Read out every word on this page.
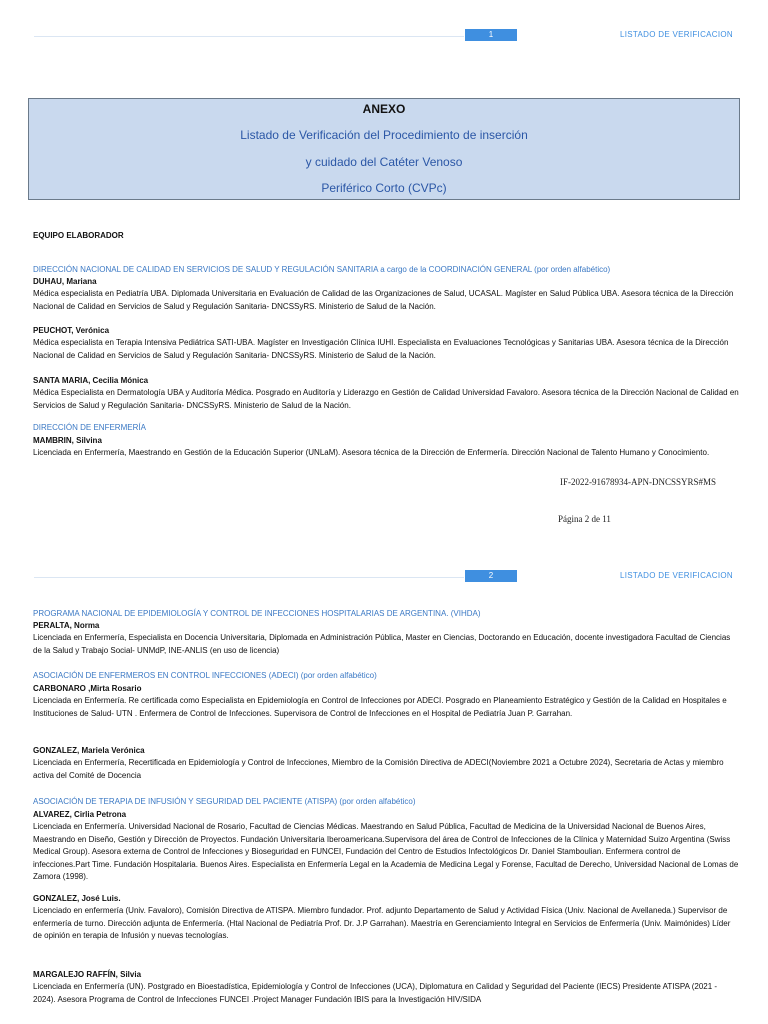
1	LISTADO DE VERIFICACION
ANEXO
Listado de Verificación del Procedimiento de inserción
y cuidado del Catéter Venoso
Periférico Corto (CVPc)
EQUIPO ELABORADOR
DIRECCIÓN NACIONAL DE CALIDAD EN SERVICIOS DE SALUD Y REGULACIÓN SANITARIA a cargo de la COORDINACIÓN GENERAL (por orden alfabético)
DUHAU, Mariana
Médica especialista en Pediatría UBA. Diplomada Universitaria en Evaluación de Calidad de las Organizaciones de Salud, UCASAL. Magíster en Salud Pública UBA. Asesora técnica de la Dirección Nacional de Calidad en Servicios de Salud y Regulación Sanitaria- DNCSSyRS. Ministerio de Salud de la Nación.
PEUCHOT, Verónica
Médica especialista en Terapia Intensiva Pediátrica SATI-UBA. Magíster en Investigación Clínica IUHI. Especialista en Evaluaciones Tecnológicas y Sanitarias UBA. Asesora técnica de la Dirección Nacional de Calidad en Servicios de Salud y Regulación Sanitaria- DNCSSyRS. Ministerio de Salud de la Nación.
SANTA MARIA, Cecilia Mónica
Médica Especialista en Dermatología UBA y Auditoría Médica. Posgrado en Auditoría y Liderazgo en Gestión de Calidad Universidad Favaloro. Asesora técnica de la Dirección Nacional de Calidad en Servicios de Salud y Regulación Sanitaria- DNCSSyRS. Ministerio de Salud de la Nación.
DIRECCIÓN DE ENFERMERÍA
MAMBRIN, Silvina
Licenciada en Enfermería, Maestrando en Gestión de la Educación Superior (UNLaM). Asesora técnica de la Dirección de Enfermería. Dirección Nacional de Talento Humano y Conocimiento.
IF-2022-91678934-APN-DNCSSYRS#MS
Página 2 de 11
2	LISTADO DE VERIFICACION
PROGRAMA NACIONAL DE EPIDEMIOLOGÍA Y CONTROL DE INFECCIONES HOSPITALARIAS DE ARGENTINA. (VIHDA)
PERALTA, Norma
Licenciada en Enfermería, Especialista en Docencia Universitaria, Diplomada en Administración Pública, Master en Ciencias, Doctorando en Educación, docente investigadora Facultad de Ciencias de la Salud y Trabajo Social- UNMdP, INE-ANLIS (en uso de licencia)
ASOCIACIÓN DE ENFERMEROS EN CONTROL INFECCIONES (ADECI) (por orden alfabético)
CARBONARO ,Mirta Rosario
Licenciada en Enfermería. Re certificada como Especialista en Epidemiología en Control de Infecciones por ADECI. Posgrado en Planeamiento Estratégico y Gestión de la Calidad en Hospitales e Instituciones de Salud- UTN . Enfermera de Control de Infecciones. Supervisora de Control de Infecciones en el Hospital de Pediatría Juan P. Garrahan.
GONZALEZ, Mariela Verónica
Licenciada en Enfermería, Recertificada en Epidemiología y Control de Infecciones, Miembro de la Comisión Directiva de ADECI(Noviembre 2021 a Octubre 2024), Secretaria de Actas y miembro activa del Comité de Docencia
ASOCIACIÓN DE TERAPIA DE INFUSIÓN Y SEGURIDAD DEL PACIENTE (ATISPA) (por orden alfabético)
ALVAREZ, Cirlia Petrona
Licenciada en Enfermería. Universidad Nacional de Rosario, Facultad de Ciencias Médicas. Maestrando en Salud Pública, Facultad de Medicina de la Universidad Nacional de Buenos Aires, Maestrando en Diseño, Gestión y Dirección de Proyectos. Fundación Universitaria Iberoamericana.Supervisora del área de Control de Infecciones de la Clínica y Maternidad Suizo Argentina (Swiss Medical Group). Asesora externa de Control de Infecciones y Bioseguridad en FUNCEI, Fundación del Centro de Estudios Infectológicos Dr. Daniel Stamboulian. Enfermera control de infecciones.Part Time. Fundación Hospitalaria. Buenos Aires. Especialista en Enfermería Legal en la Academia de Medicina Legal y Forense, Facultad de Derecho, Universidad Nacional de Lomas de Zamora (1998).
GONZALEZ, José Luis.
Licenciado en enfermería (Univ. Favaloro), Comisión Directiva de ATISPA. Miembro fundador. Prof. adjunto Departamento de Salud y Actividad Física (Univ. Nacional de Avellaneda.) Supervisor de enfermería de turno. Dirección adjunta de Enfermería. (Htal Nacional de Pediatría Prof. Dr. J.P Garrahan). Maestría en Gerenciamiento Integral en Servicios de Enfermería (Univ. Maimónides) Líder de opinión en terapia de Infusión y nuevas tecnologías.
MARGALEJO RAFFÍN, Silvia
Licenciada en Enfermería (UN). Postgrado en Bioestadística, Epidemiología y Control de Infecciones (UCA), Diplomatura en Calidad y Seguridad del Paciente (IECS) Presidente ATISPA (2021 - 2024). Asesora Programa de Control de Infecciones FUNCEI .Project Manager Fundación IBIS para la Investigación HIV/SIDA
